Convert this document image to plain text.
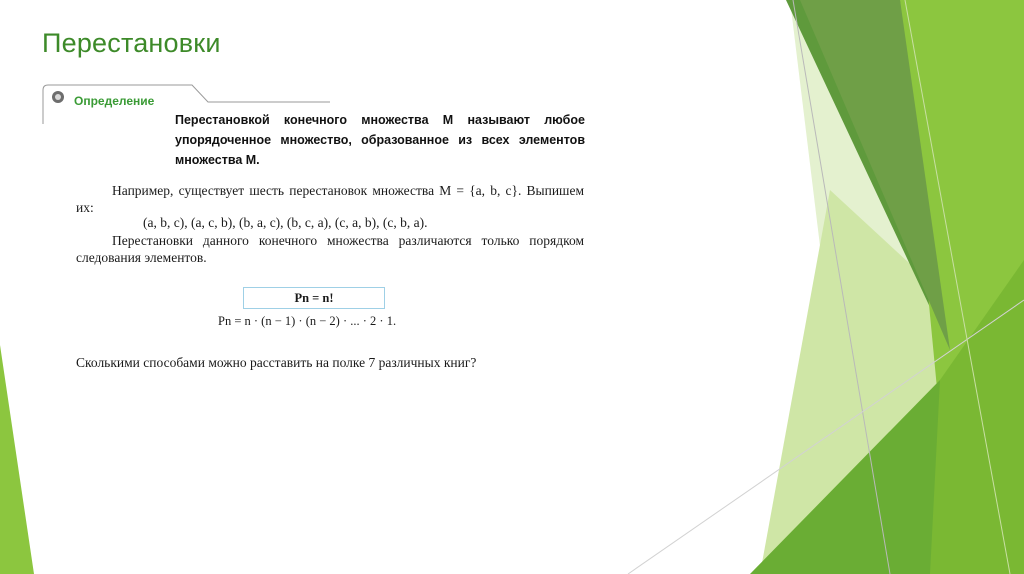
Перестановки
Определение
Перестановкой конечного множества M называют любое упорядоченное множество, образованное из всех элементов множества M.
Например, существует шесть перестановок множества M = {a, b, c}. Выпишем их:
(a, b, c), (a, c, b), (b, a, c), (b, c, a), (c, a, b), (c, b, a).
Перестановки данного конечного множества различаются только порядком следования элементов.
Pn = n!
Pn = n · (n − 1) · (n − 2) · ... · 2 · 1.
Сколькими способами можно расставить на полке 7 различных книг?
